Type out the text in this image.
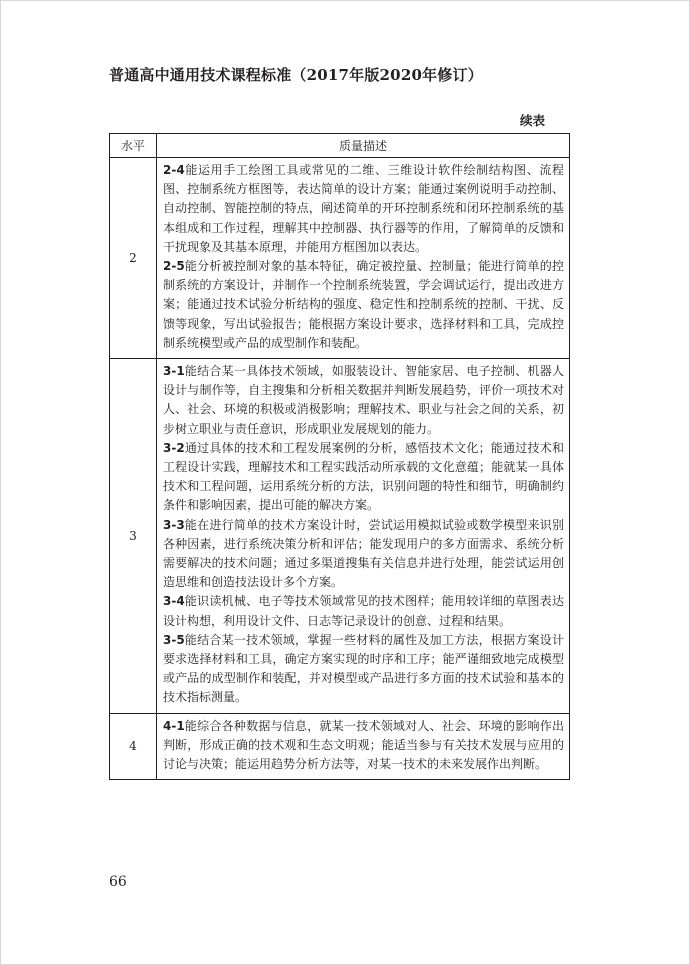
普通高中通用技术课程标准（2017年版2020年修订）
续表
水平	质量描述
2	2-4能运用手工绘图工具或常见的二维、三维设计软件绘制结构图、流程图、控制系统方框图等，表达简单的设计方案；能通过案例说明手动控制、自动控制、智能控制的特点，阐述简单的开环控制系统和闭环控制系统的基本组成和工作过程，理解其中控制器、执行器等的作用，了解简单的反馈和干扰现象及其基本原理，并能用方框图加以表达。

2-5能分析被控制对象的基本特征，确定被控量、控制量；能进行简单的控制系统的方案设计，并制作一个控制系统装置，学会调试运行，提出改进方案；能通过技术试验分析结构的强度、稳定性和控制系统的控制、干扰、反馈等现象，写出试验报告；能根据方案设计要求，选择材料和工具，完成控制系统模型或产品的成型制作和装配。

3	3-1能结合某一具体技术领域，如服装设计、智能家居、电子控制、机器人设计与制作等，自主搜集和分析相关数据并判断发展趋势，评价一项技术对人、社会、环境的积极或消极影响；理解技术、职业与社会之间的关系，初步树立职业与责任意识，形成职业发展规划的能力。

3-2通过具体的技术和工程发展案例的分析，感悟技术文化；能通过技术和工程设计实践，理解技术和工程实践活动所承载的文化意蕴；能就某一具体技术和工程问题，运用系统分析的方法，识别问题的特性和细节，明确制约条件和影响因素，提出可能的解决方案。

3-3能在进行简单的技术方案设计时，尝试运用模拟试验或数学模型来识别各种因素，进行系统决策分析和评估；能发现用户的多方面需求、系统分析需要解决的技术问题；通过多渠道搜集有关信息并进行处理，能尝试运用创造思维和创造技法设计多个方案。

3-4能识读机械、电子等技术领域常见的技术图样；能用较详细的草图表达设计构想，利用设计文件、日志等记录设计的创意、过程和结果。

3-5能结合某一技术领域，掌握一些材料的属性及加工方法，根据方案设计要求选择材料和工具，确定方案实现的时序和工序；能严谨细致地完成模型或产品的成型制作和装配，并对模型或产品进行多方面的技术试验和基本的技术指标测量。

4	4-1能综合各种数据与信息，就某一技术领域对人、社会、环境的影响作出判断，形成正确的技术观和生态文明观；能适当参与有关技术发展与应用的讨论与决策；能运用趋势分析方法等，对某一技术的未来发展作出判断。

66
